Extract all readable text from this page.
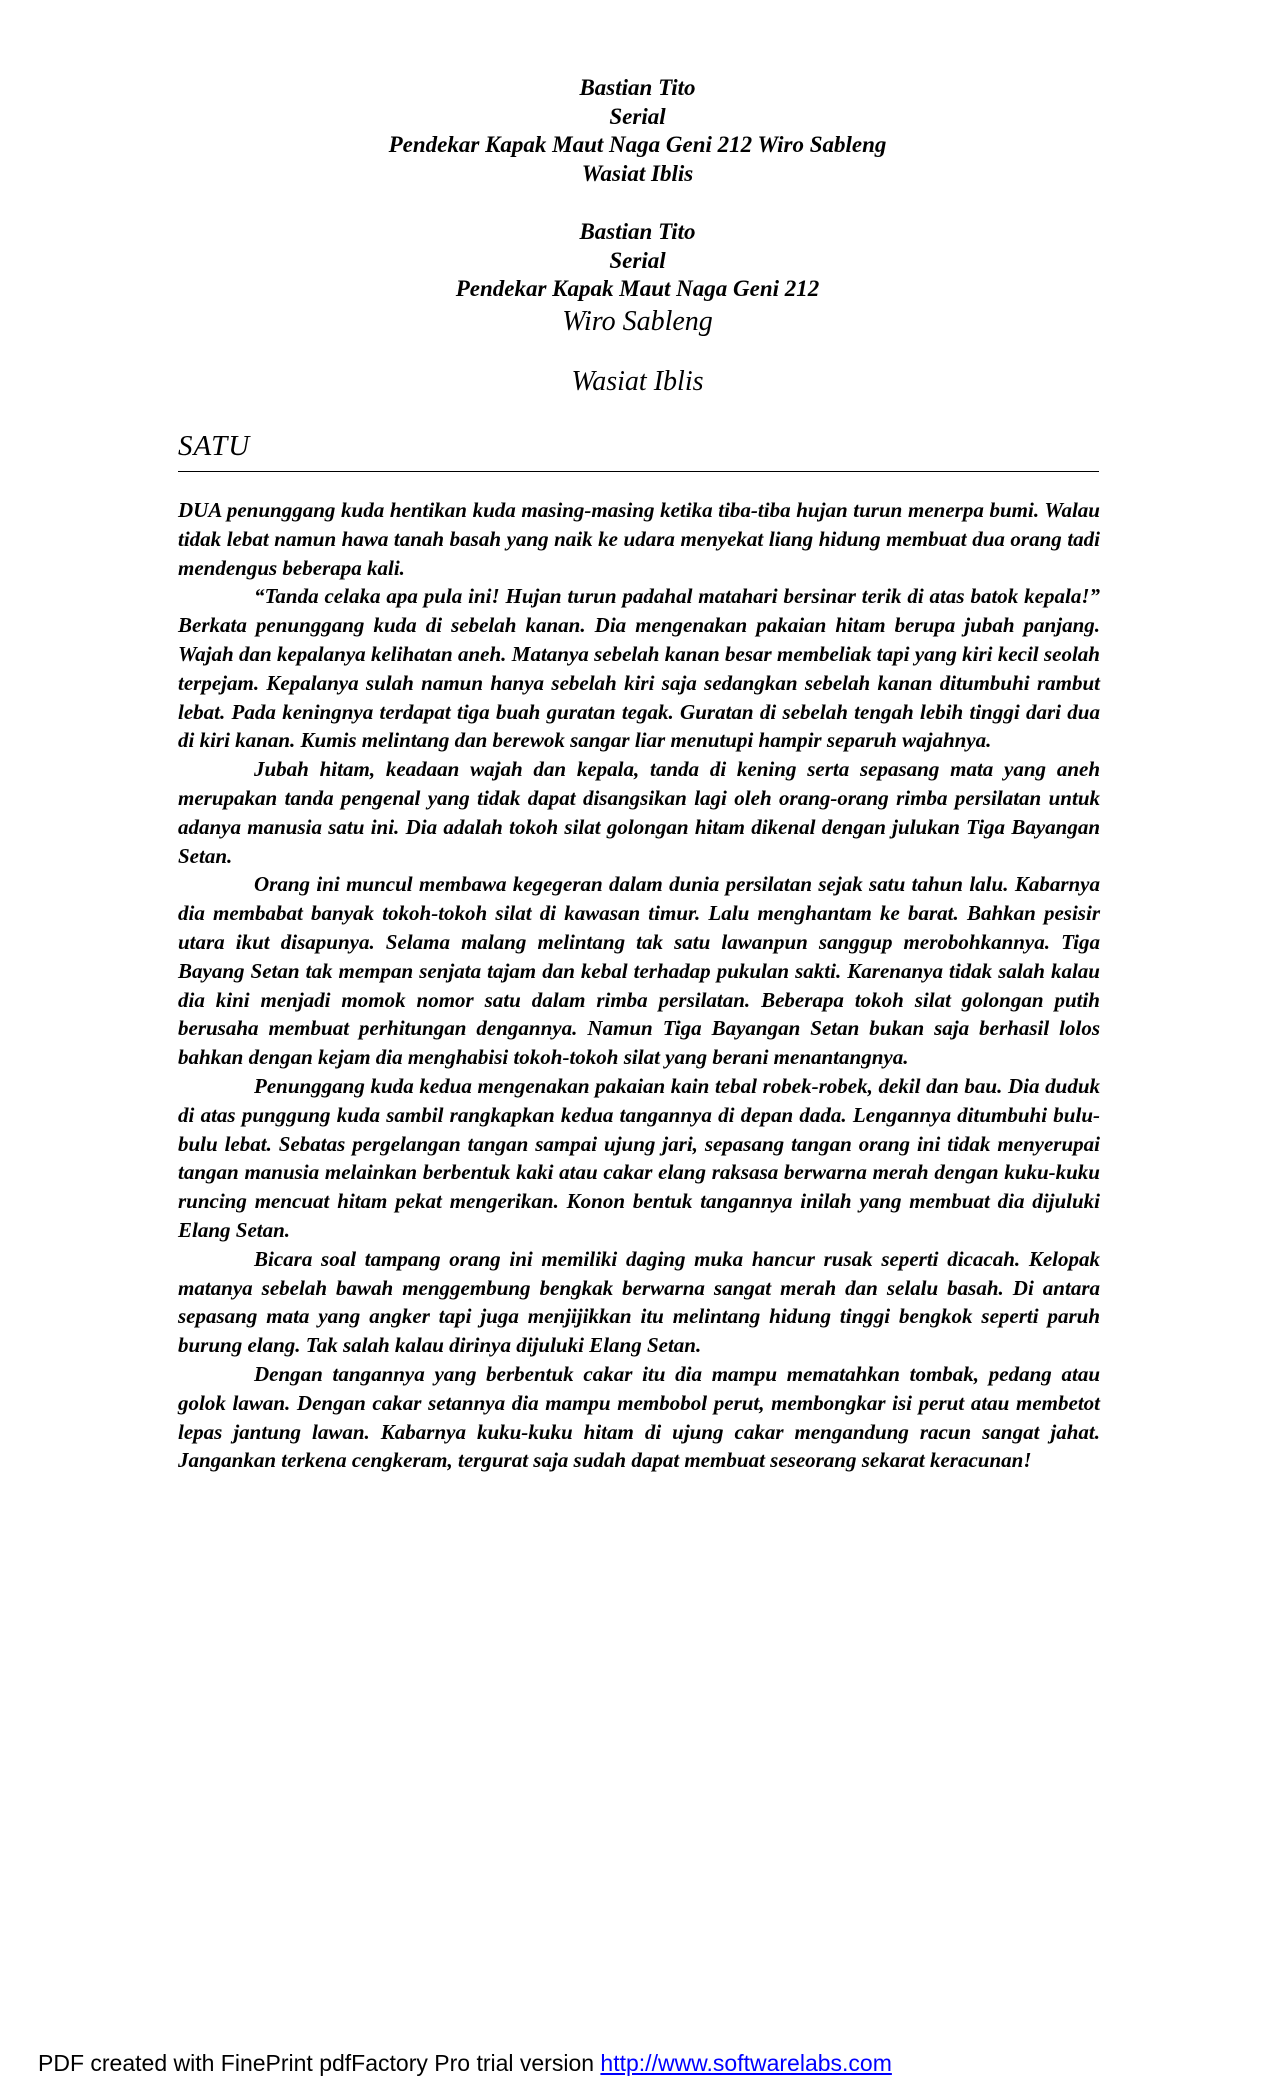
Bastian Tito
Serial
Pendekar Kapak Maut Naga Geni 212 Wiro Sableng
Wasiat Iblis
Bastian Tito
Serial
Pendekar Kapak Maut Naga Geni 212
Wiro Sableng
Wasiat Iblis
SATU

DUA penunggang kuda hentikan kuda masing-masing ketika tiba-tiba hujan turun menerpa bumi. Walau tidak lebat namun hawa tanah basah yang naik ke udara menyekat liang hidung membuat dua orang tadi mendengus beberapa kali.

“Tanda celaka apa pula ini! Hujan turun padahal matahari bersinar terik di atas batok kepala!” Berkata penunggang kuda di sebelah kanan. Dia mengenakan pakaian hitam berupa jubah panjang. Wajah dan kepalanya kelihatan aneh. Matanya sebelah kanan besar membeliak tapi yang kiri kecil seolah terpejam. Kepalanya sulah namun hanya sebelah kiri saja sedangkan sebelah kanan ditumbuhi rambut lebat. Pada keningnya terdapat tiga buah guratan tegak. Guratan di sebelah tengah lebih tinggi dari dua di kiri kanan. Kumis melintang dan berewok sangar liar menutupi hampir separuh wajahnya.

Jubah hitam, keadaan wajah dan kepala, tanda di kening serta sepasang mata yang aneh merupakan tanda pengenal yang tidak dapat disangsikan lagi oleh orang-orang rimba persilatan untuk adanya manusia satu ini. Dia adalah tokoh silat golongan hitam dikenal dengan julukan Tiga Bayangan Setan.

Orang ini muncul membawa kegegeran dalam dunia persilatan sejak satu tahun lalu. Kabarnya dia membabat banyak tokoh-tokoh silat di kawasan timur. Lalu menghantam ke barat. Bahkan pesisir utara ikut disapunya. Selama malang melintang tak satu lawanpun sanggup merobohkannya. Tiga Bayang Setan tak mempan senjata tajam dan kebal terhadap pukulan sakti. Karenanya tidak salah kalau dia kini menjadi momok nomor satu dalam rimba persilatan. Beberapa tokoh silat golongan putih berusaha membuat perhitungan dengannya. Namun Tiga Bayangan Setan bukan saja berhasil lolos bahkan dengan kejam dia menghabisi tokoh-tokoh silat yang berani menantangnya.

Penunggang kuda kedua mengenakan pakaian kain tebal robek-robek, dekil dan bau. Dia duduk di atas punggung kuda sambil rangkapkan kedua tangannya di depan dada. Lengannya ditumbuhi bulu-bulu lebat. Sebatas pergelangan tangan sampai ujung jari, sepasang tangan orang ini tidak menyerupai tangan manusia melainkan berbentuk kaki atau cakar elang raksasa berwarna merah dengan kuku-kuku runcing mencuat hitam pekat mengerikan. Konon bentuk tangannya inilah yang membuat dia dijuluki Elang Setan.

Bicara soal tampang orang ini memiliki daging muka hancur rusak seperti dicacah. Kelopak matanya sebelah bawah menggembung bengkak berwarna sangat merah dan selalu basah. Di antara sepasang mata yang angker tapi juga menjijikkan itu melintang hidung tinggi bengkok seperti paruh burung elang. Tak salah kalau dirinya dijuluki Elang Setan.

Dengan tangannya yang berbentuk cakar itu dia mampu mematahkan tombak, pedang atau golok lawan. Dengan cakar setannya dia mampu membobol perut, membongkar isi perut atau membetot lepas jantung lawan. Kabarnya kuku-kuku hitam di ujung cakar mengandung racun sangat jahat. Jangankan terkena cengkeram, tergurat saja sudah dapat membuat seseorang sekarat keracunan!

PDF created with FinePrint pdfFactory Pro trial version http://www.softwarelabs.com
